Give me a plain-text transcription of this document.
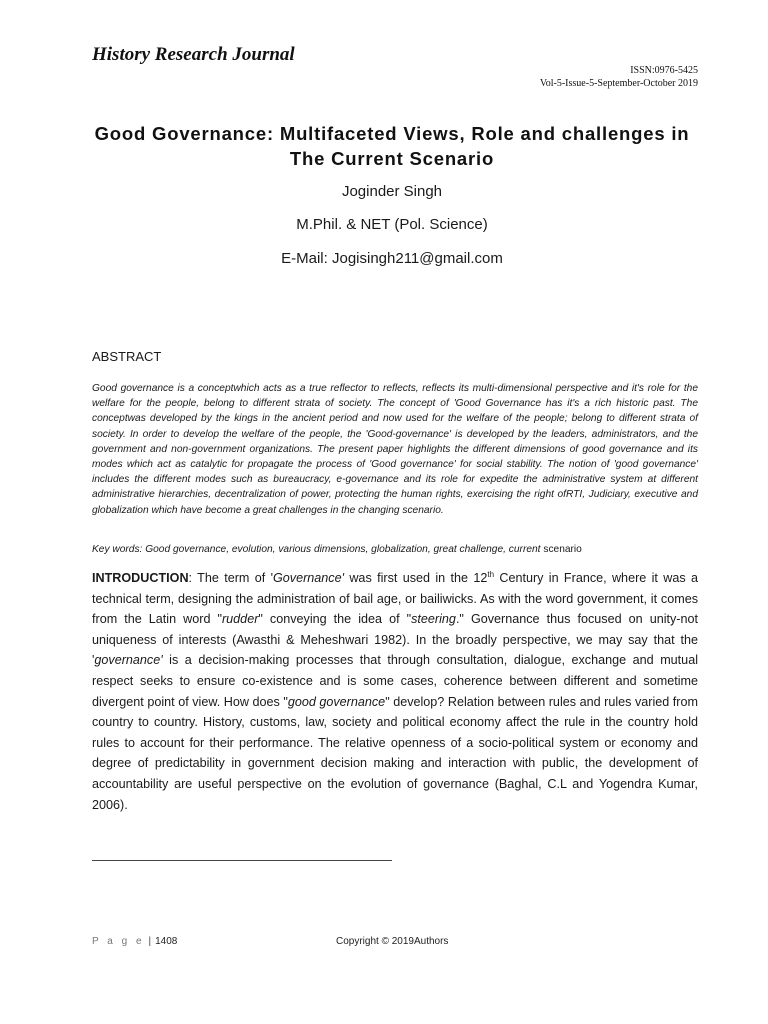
History Research Journal
ISSN:0976-5425
Vol-5-Issue-5-September-October 2019
Good Governance: Multifaceted Views, Role and challenges in
The Current Scenario
Joginder Singh
M.Phil. & NET (Pol. Science)
E-Mail: Jogisingh211@gmail.com
ABSTRACT
Good governance is a conceptwhich acts as a true reflector to reflects, reflects its multi-dimensional perspective and it's role for the welfare for the people, belong to different strata of society. The concept of 'Good Governance has it's a rich historic past. The conceptwas developed by the kings in the ancient period and now used for the welfare of the people; belong to different strata of society. In order to develop the welfare of the people, the 'Good-governance' is developed by the leaders, administrators, and the government and non-government organizations. The present paper highlights the different dimensions of good governance and its modes which act as catalytic for propagate the process of 'Good governance' for social stability. The notion of 'good governance' includes the different modes such as bureaucracy, e-governance and its role for expedite the administrative system at different administrative hierarchies, decentralization of power, protecting the human rights, exercising the right ofRTI, Judiciary, executive and globalization which have become a great challenges in the changing scenario.
Key words: Good governance, evolution, various dimensions, globalization, great challenge, current scenario
INTRODUCTION: The term of 'Governance' was first used in the 12th Century in France, where it was a technical term, designing the administration of bail age, or bailiwicks. As with the word government, it comes from the Latin word "rudder" conveying the idea of "steering." Governance thus focused on unity-not uniqueness of interests (Awasthi & Meheshwari 1982). In the broadly perspective, we may say that the 'governance' is a decision-making processes that through consultation, dialogue, exchange and mutual respect seeks to ensure co-existence and is some cases, coherence between different and sometime divergent point of view. How does "good governance" develop? Relation between rules and rules varied from country to country. History, customs, law, society and political economy affect the rule in the country hold rules to account for their performance. The relative openness of a socio-political system or economy and degree of predictability in government decision making and interaction with public, the development of accountability are useful perspective on the evolution of governance (Baghal, C.L and Yogendra Kumar, 2006).
P a g e | 1408	Copyright © 2019Authors
